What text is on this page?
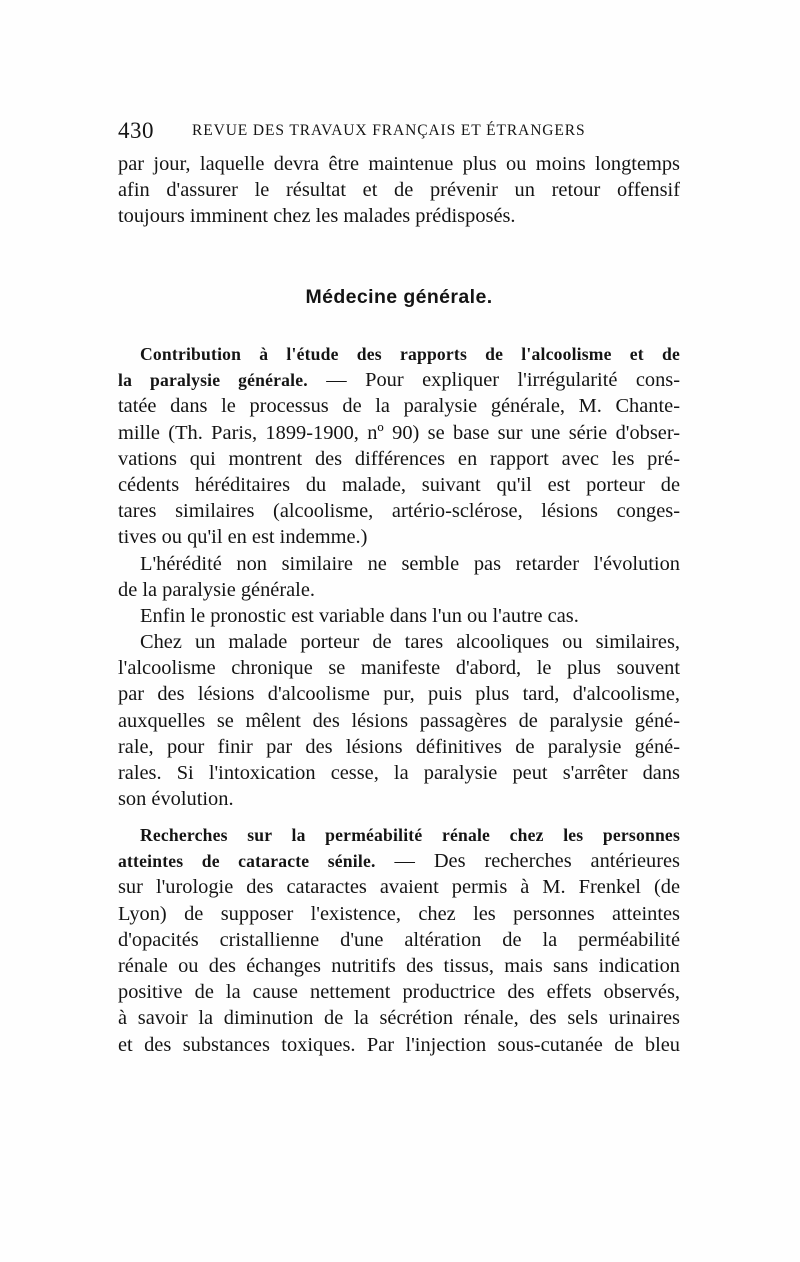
430 REVUE DES TRAVAUX FRANÇAIS ET ÉTRANGERS
par jour, laquelle devra être maintenue plus ou moins longtemps
afin d'assurer le résultat et de prévenir un retour offensif
toujours imminent chez les malades prédisposés.
Médecine générale.
Contribution à l'étude des rapports de l'alcoolisme et de
la paralysie générale. — Pour expliquer l'irrégularité cons-
tatée dans le processus de la paralysie générale, M. Chante-
mille (Th. Paris, 1899-1900, nº 90) se base sur une série d'obser-
vations qui montrent des différences en rapport avec les pré-
cédents héréditaires du malade, suivant qu'il est porteur de
tares similaires (alcoolisme, artério-sclérose, lésions conges-
tives ou qu'il en est indemme.)
L'hérédité non similaire ne semble pas retarder l'évolution
de la paralysie générale.
Enfin le pronostic est variable dans l'un ou l'autre cas.
Chez un malade porteur de tares alcooliques ou similaires,
l'alcoolisme chronique se manifeste d'abord, le plus souvent
par des lésions d'alcoolisme pur, puis plus tard, d'alcoolisme,
auxquelles se mêlent des lésions passagères de paralysie géné-
rale, pour finir par des lésions définitives de paralysie géné-
rales. Si l'intoxication cesse, la paralysie peut s'arrêter dans
son évolution.
Recherches sur la perméabilité rénale chez les personnes
atteintes de cataracte sénile. — Des recherches antérieures
sur l'urologie des cataractes avaient permis à M. Frenkel (de
Lyon) de supposer l'existence, chez les personnes atteintes
d'opacités cristallienne d'une altération de la perméabilité
rénale ou des échanges nutritifs des tissus, mais sans indication
positive de la cause nettement productrice des effets observés,
à savoir la diminution de la sécrétion rénale, des sels urinaires
et des substances toxiques. Par l'injection sous-cutanée de bleu
